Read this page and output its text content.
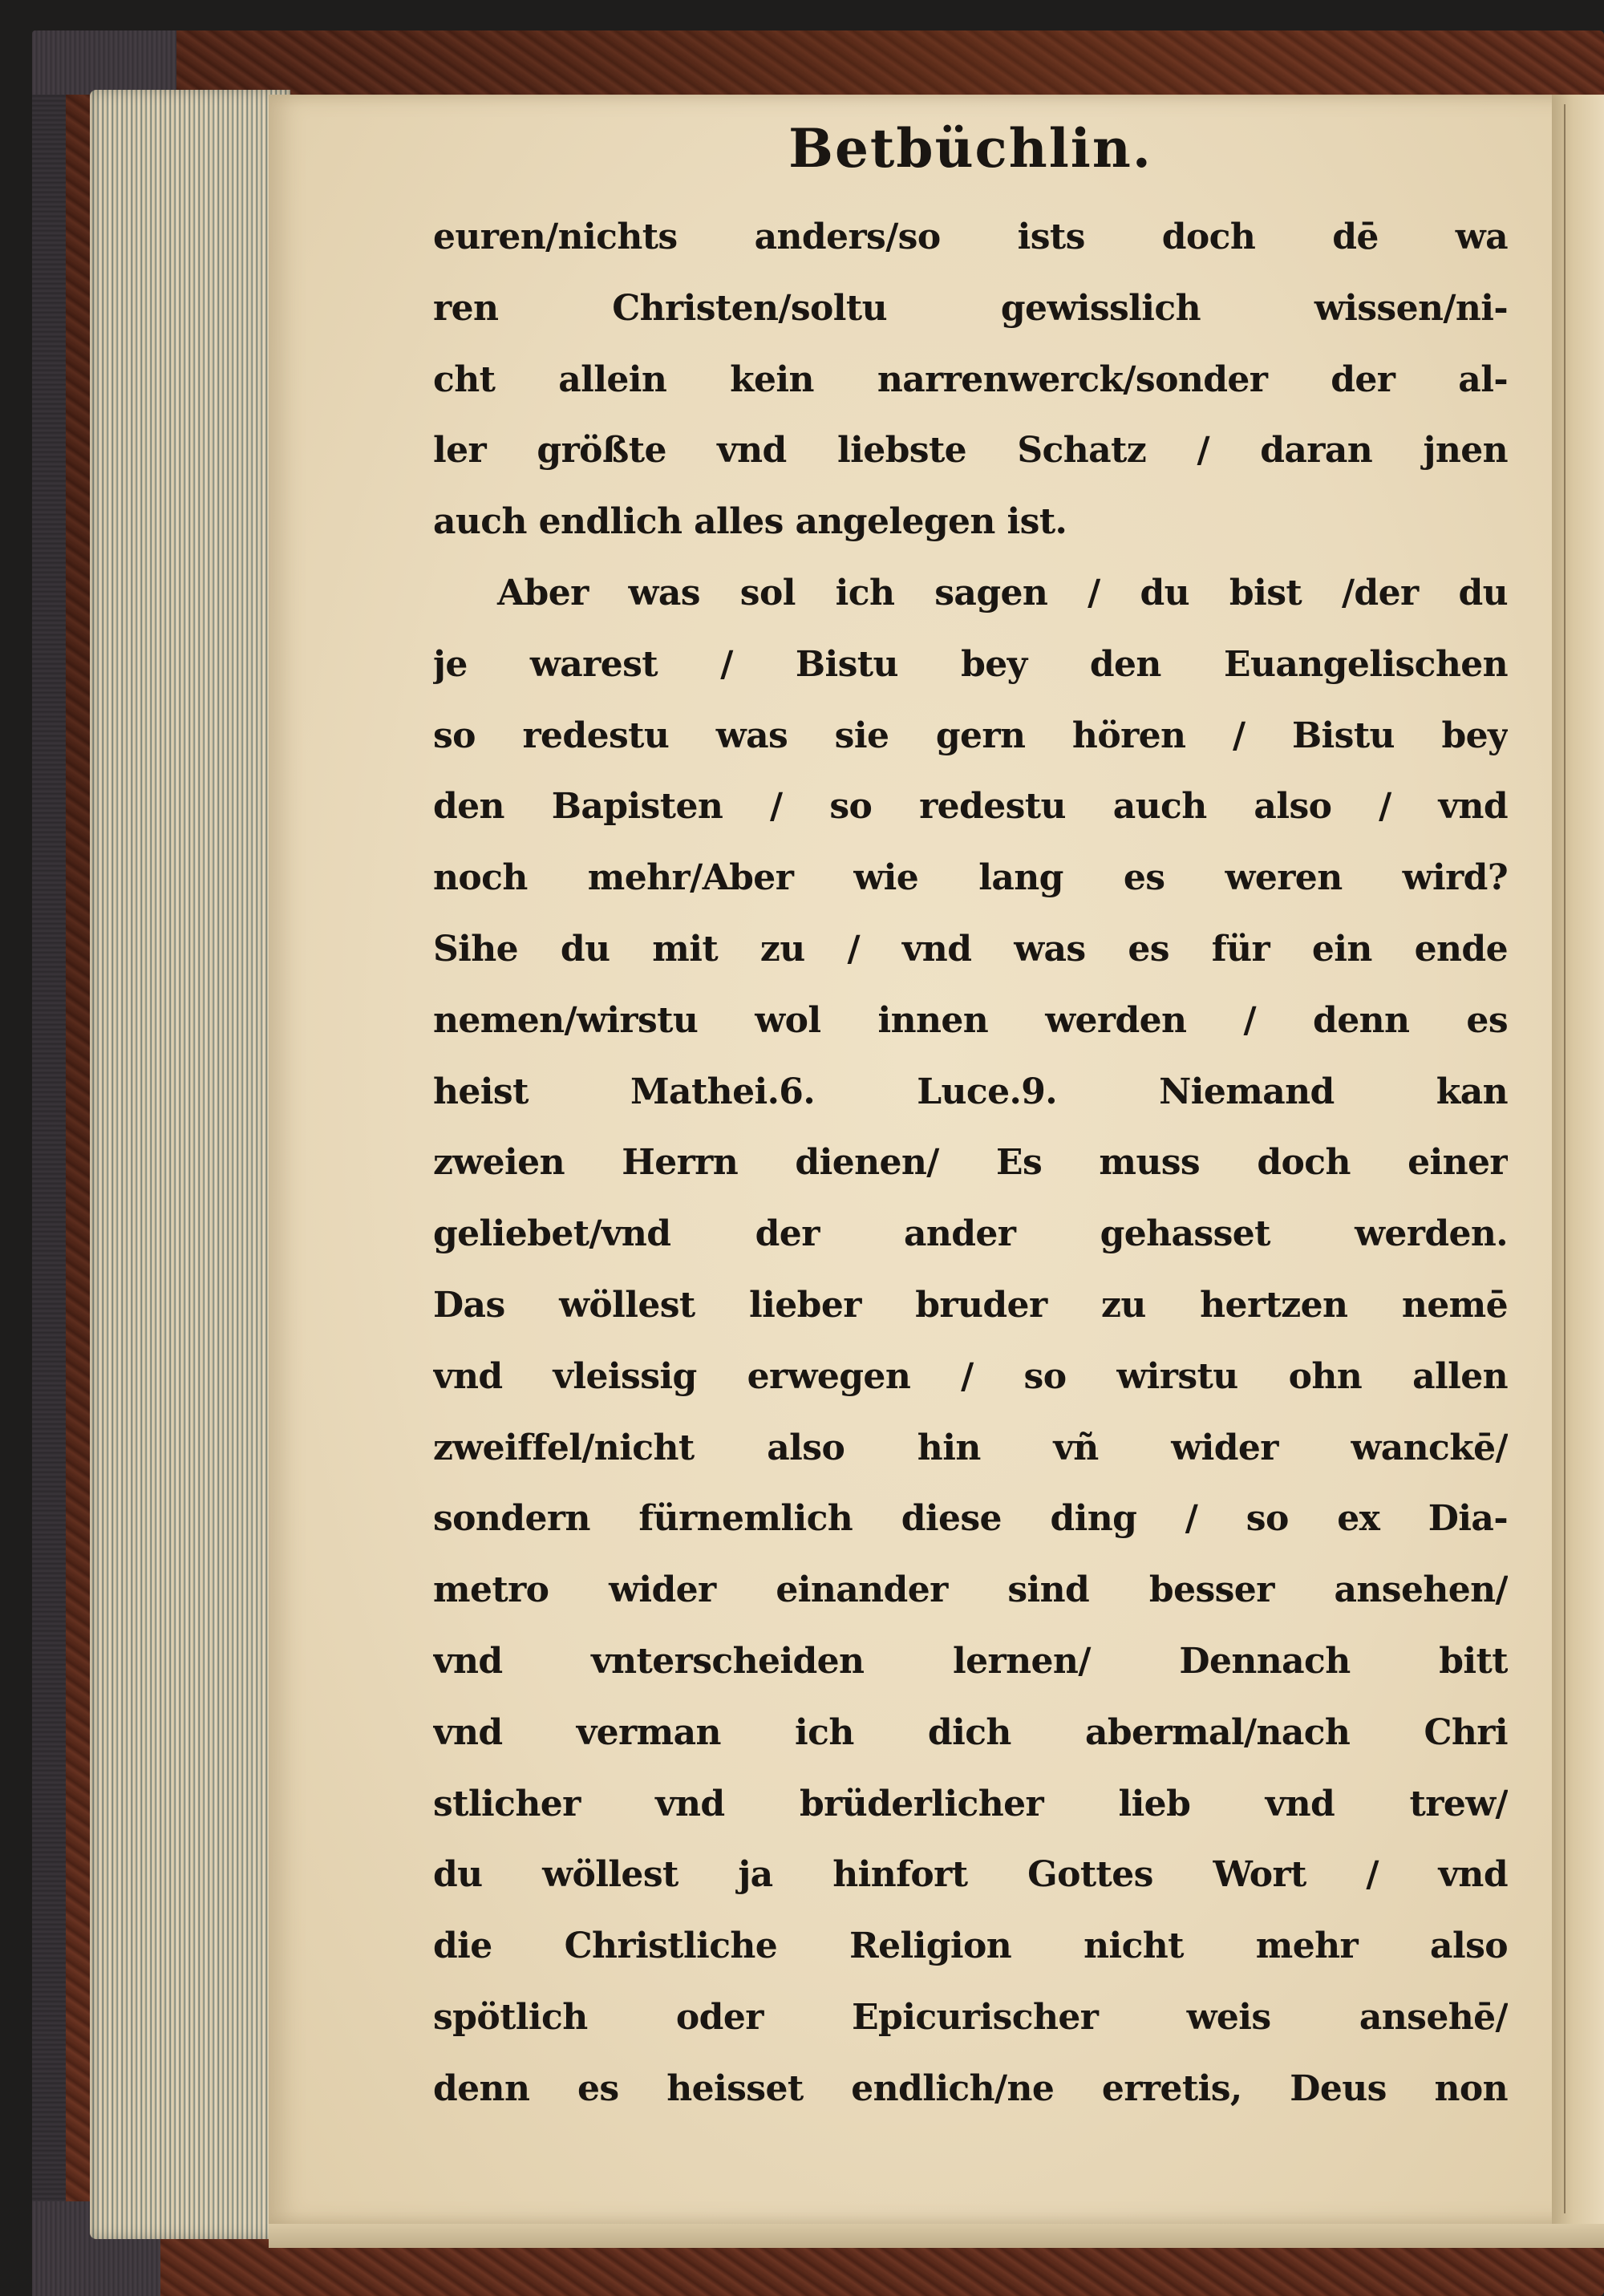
Betbüchlin.
euren/nichts anders/so ists doch dē wa
ren Christen/soltu gewisslich wissen/ni-
cht allein kein narrenwerck/sonder der al-
ler größte vnd liebste Schatz / daran jnen
auch endlich alles angelegen ist.
Aber was sol ich sagen / du bist /der du
je warest / Bistu bey den Euangelischen
so redestu was sie gern hören / Bistu bey
den Bapisten / so redestu auch also / vnd
noch mehr/Aber wie lang es weren wird?
Sihe du mit zu / vnd was es für ein ende
nemen/wirstu wol innen werden / denn es
heist Mathei.6. Luce.9. Niemand kan
zweien Herrn dienen/ Es muss doch einer
geliebet/vnd der ander gehasset werden.
Das wöllest lieber bruder zu hertzen nemē
vnd vleissig erwegen / so wirstu ohn allen
zweiffel/nicht also hin vñ wider wanckē/
sondern fürnemlich diese ding / so ex Dia-
metro wider einander sind besser ansehen/
vnd vnterscheiden lernen/ Dennach bitt
vnd verman ich dich abermal/nach Chri
stlicher vnd brüderlicher lieb vnd trew/
du wöllest ja hinfort Gottes Wort / vnd
die Christliche Religion nicht mehr also
spötlich oder Epicurischer weis ansehē/
denn es heisset endlich/ne erretis, Deus non
